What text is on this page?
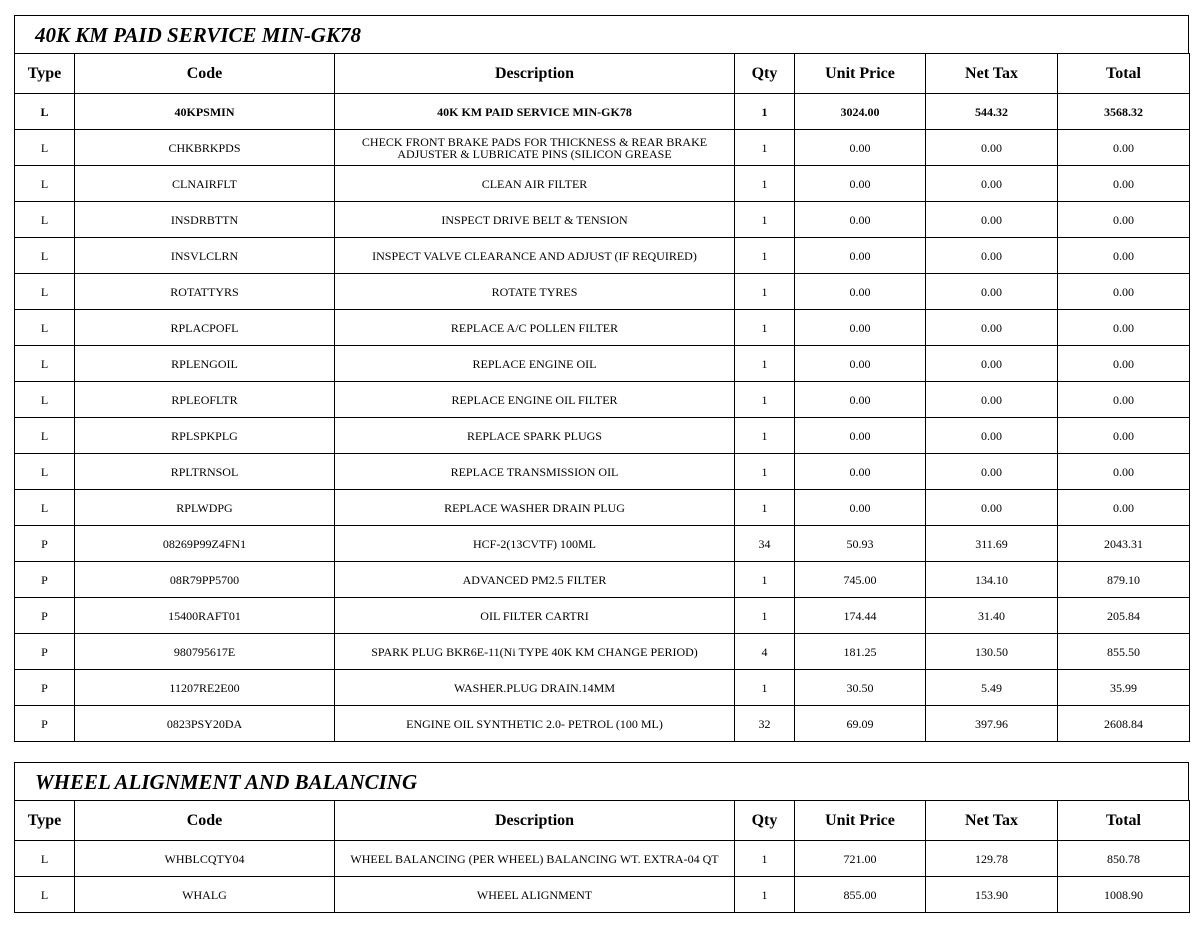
40K KM PAID SERVICE MIN-GK78
Type	Code	Description	Qty	Unit Price	Net Tax	Total
L	40KPSMIN	40K KM PAID SERVICE MIN-GK78	1	3024.00	544.32	3568.32
L	CHKBRKPDS	CHECK FRONT BRAKE PADS FOR THICKNESS & REAR BRAKE ADJUSTER & LUBRICATE PINS (SILICON GREASE	1	0.00	0.00	0.00
L	CLNAIRFLT	CLEAN AIR FILTER	1	0.00	0.00	0.00
L	INSDRBTTN	INSPECT DRIVE BELT & TENSION	1	0.00	0.00	0.00
L	INSVLCLRN	INSPECT VALVE CLEARANCE AND ADJUST (IF REQUIRED)	1	0.00	0.00	0.00
L	ROTATTYRS	ROTATE TYRES	1	0.00	0.00	0.00
L	RPLACPOFL	REPLACE A/C POLLEN FILTER	1	0.00	0.00	0.00
L	RPLENGOIL	REPLACE ENGINE OIL	1	0.00	0.00	0.00
L	RPLEOFLTR	REPLACE ENGINE OIL FILTER	1	0.00	0.00	0.00
L	RPLSPKPLG	REPLACE SPARK PLUGS	1	0.00	0.00	0.00
L	RPLTRNSOL	REPLACE TRANSMISSION OIL	1	0.00	0.00	0.00
L	RPLWDPG	REPLACE WASHER DRAIN PLUG	1	0.00	0.00	0.00
P	08269P99Z4FN1	HCF-2(13CVTF) 100ML	34	50.93	311.69	2043.31
P	08R79PP5700	ADVANCED PM2.5 FILTER	1	745.00	134.10	879.10
P	15400RAFT01	OIL FILTER CARTRI	1	174.44	31.40	205.84
P	980795617E	SPARK PLUG BKR6E-11(Ni TYPE 40K KM CHANGE PERIOD)	4	181.25	130.50	855.50
P	11207RE2E00	WASHER.PLUG DRAIN.14MM	1	30.50	5.49	35.99
P	0823PSY20DA	ENGINE OIL SYNTHETIC 2.0- PETROL (100 ML)	32	69.09	397.96	2608.84
WHEEL ALIGNMENT AND BALANCING
Type	Code	Description	Qty	Unit Price	Net Tax	Total
L	WHBLCQTY04	WHEEL BALANCING (PER WHEEL) BALANCING WT. EXTRA-04 QT	1	721.00	129.78	850.78
L	WHALG	WHEEL ALIGNMENT	1	855.00	153.90	1008.90
